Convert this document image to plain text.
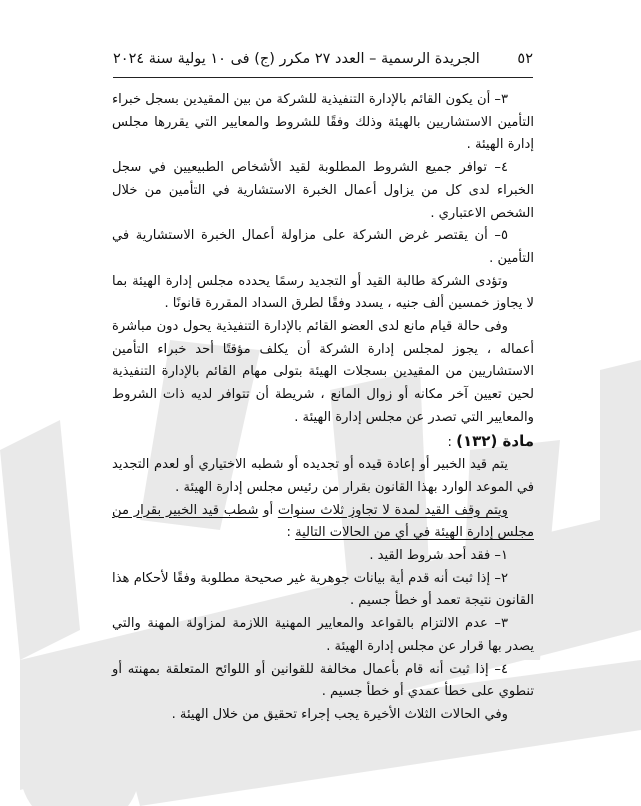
٥٢
الجريدة الرسمية – العدد ٢٧ مكرر (ج) فى ١٠ يولية سنة ٢٠٢٤

٣– أن يكون القائم بالإدارة التنفيذية للشركة من بين المقيدين بسجل خبراء التأمين الاستشاريين بالهيئة وذلك وفقًا للشروط والمعايير التي يقررها مجلس إدارة الهيئة .

٤– توافر جميع الشروط المطلوبة لقيد الأشخاص الطبيعيين في سجل الخبراء لدى كل من يزاول أعمال الخبرة الاستشارية في التأمين من خلال الشخص الاعتباري .

٥– أن يقتصر غرض الشركة على مزاولة أعمال الخبرة الاستشارية في التأمين .

وتؤدى الشركة طالبة القيد أو التجديد رسمًا يحدده مجلس إدارة الهيئة بما لا يجاوز خمسين ألف جنيه ، يسدد وفقًا لطرق السداد المقررة قانونًا .

وفى حالة قيام مانع لدى العضو القائم بالإدارة التنفيذية يحول دون مباشرة أعماله ، يجوز لمجلس إدارة الشركة أن يكلف مؤقتًا أحد خبراء التأمين الاستشاريين من المقيدين بسجلات الهيئة بتولى مهام القائم بالإدارة التنفيذية لحين تعيين آخر مكانه أو زوال المانع ، شريطة أن تتوافر لديه ذات الشروط والمعايير التي تصدر عن مجلس إدارة الهيئة .

مادة (١٣٢) :

يتم قيد الخبير أو إعادة قيده أو تجديده أو شطبه الاختياري أو لعدم التجديد في الموعد الوارد بهذا القانون بقرار من رئيس مجلس إدارة الهيئة .

ويتم وقف القيد لمدة لا تجاوز ثلاث سنوات أو شطب قيد الخبير بقرار من مجلس إدارة الهيئة في أي من الحالات التالية :

١– فقد أحد شروط القيد .

٢– إذا ثبت أنه قدم أية بيانات جوهرية غير صحيحة مطلوبة وفقًا لأحكام هذا القانون نتيجة تعمد أو خطأ جسيم .

٣– عدم الالتزام بالقواعد والمعايير المهنية اللازمة لمزاولة المهنة والتي يصدر بها قرار عن مجلس إدارة الهيئة .

٤– إذا ثبت أنه قام بأعمال مخالفة للقوانين أو اللوائح المتعلقة بمهنته أو تنطوي على خطأ عمدي أو خطأ جسيم .

وفي الحالات الثلاث الأخيرة يجب إجراء تحقيق من خلال الهيئة .
